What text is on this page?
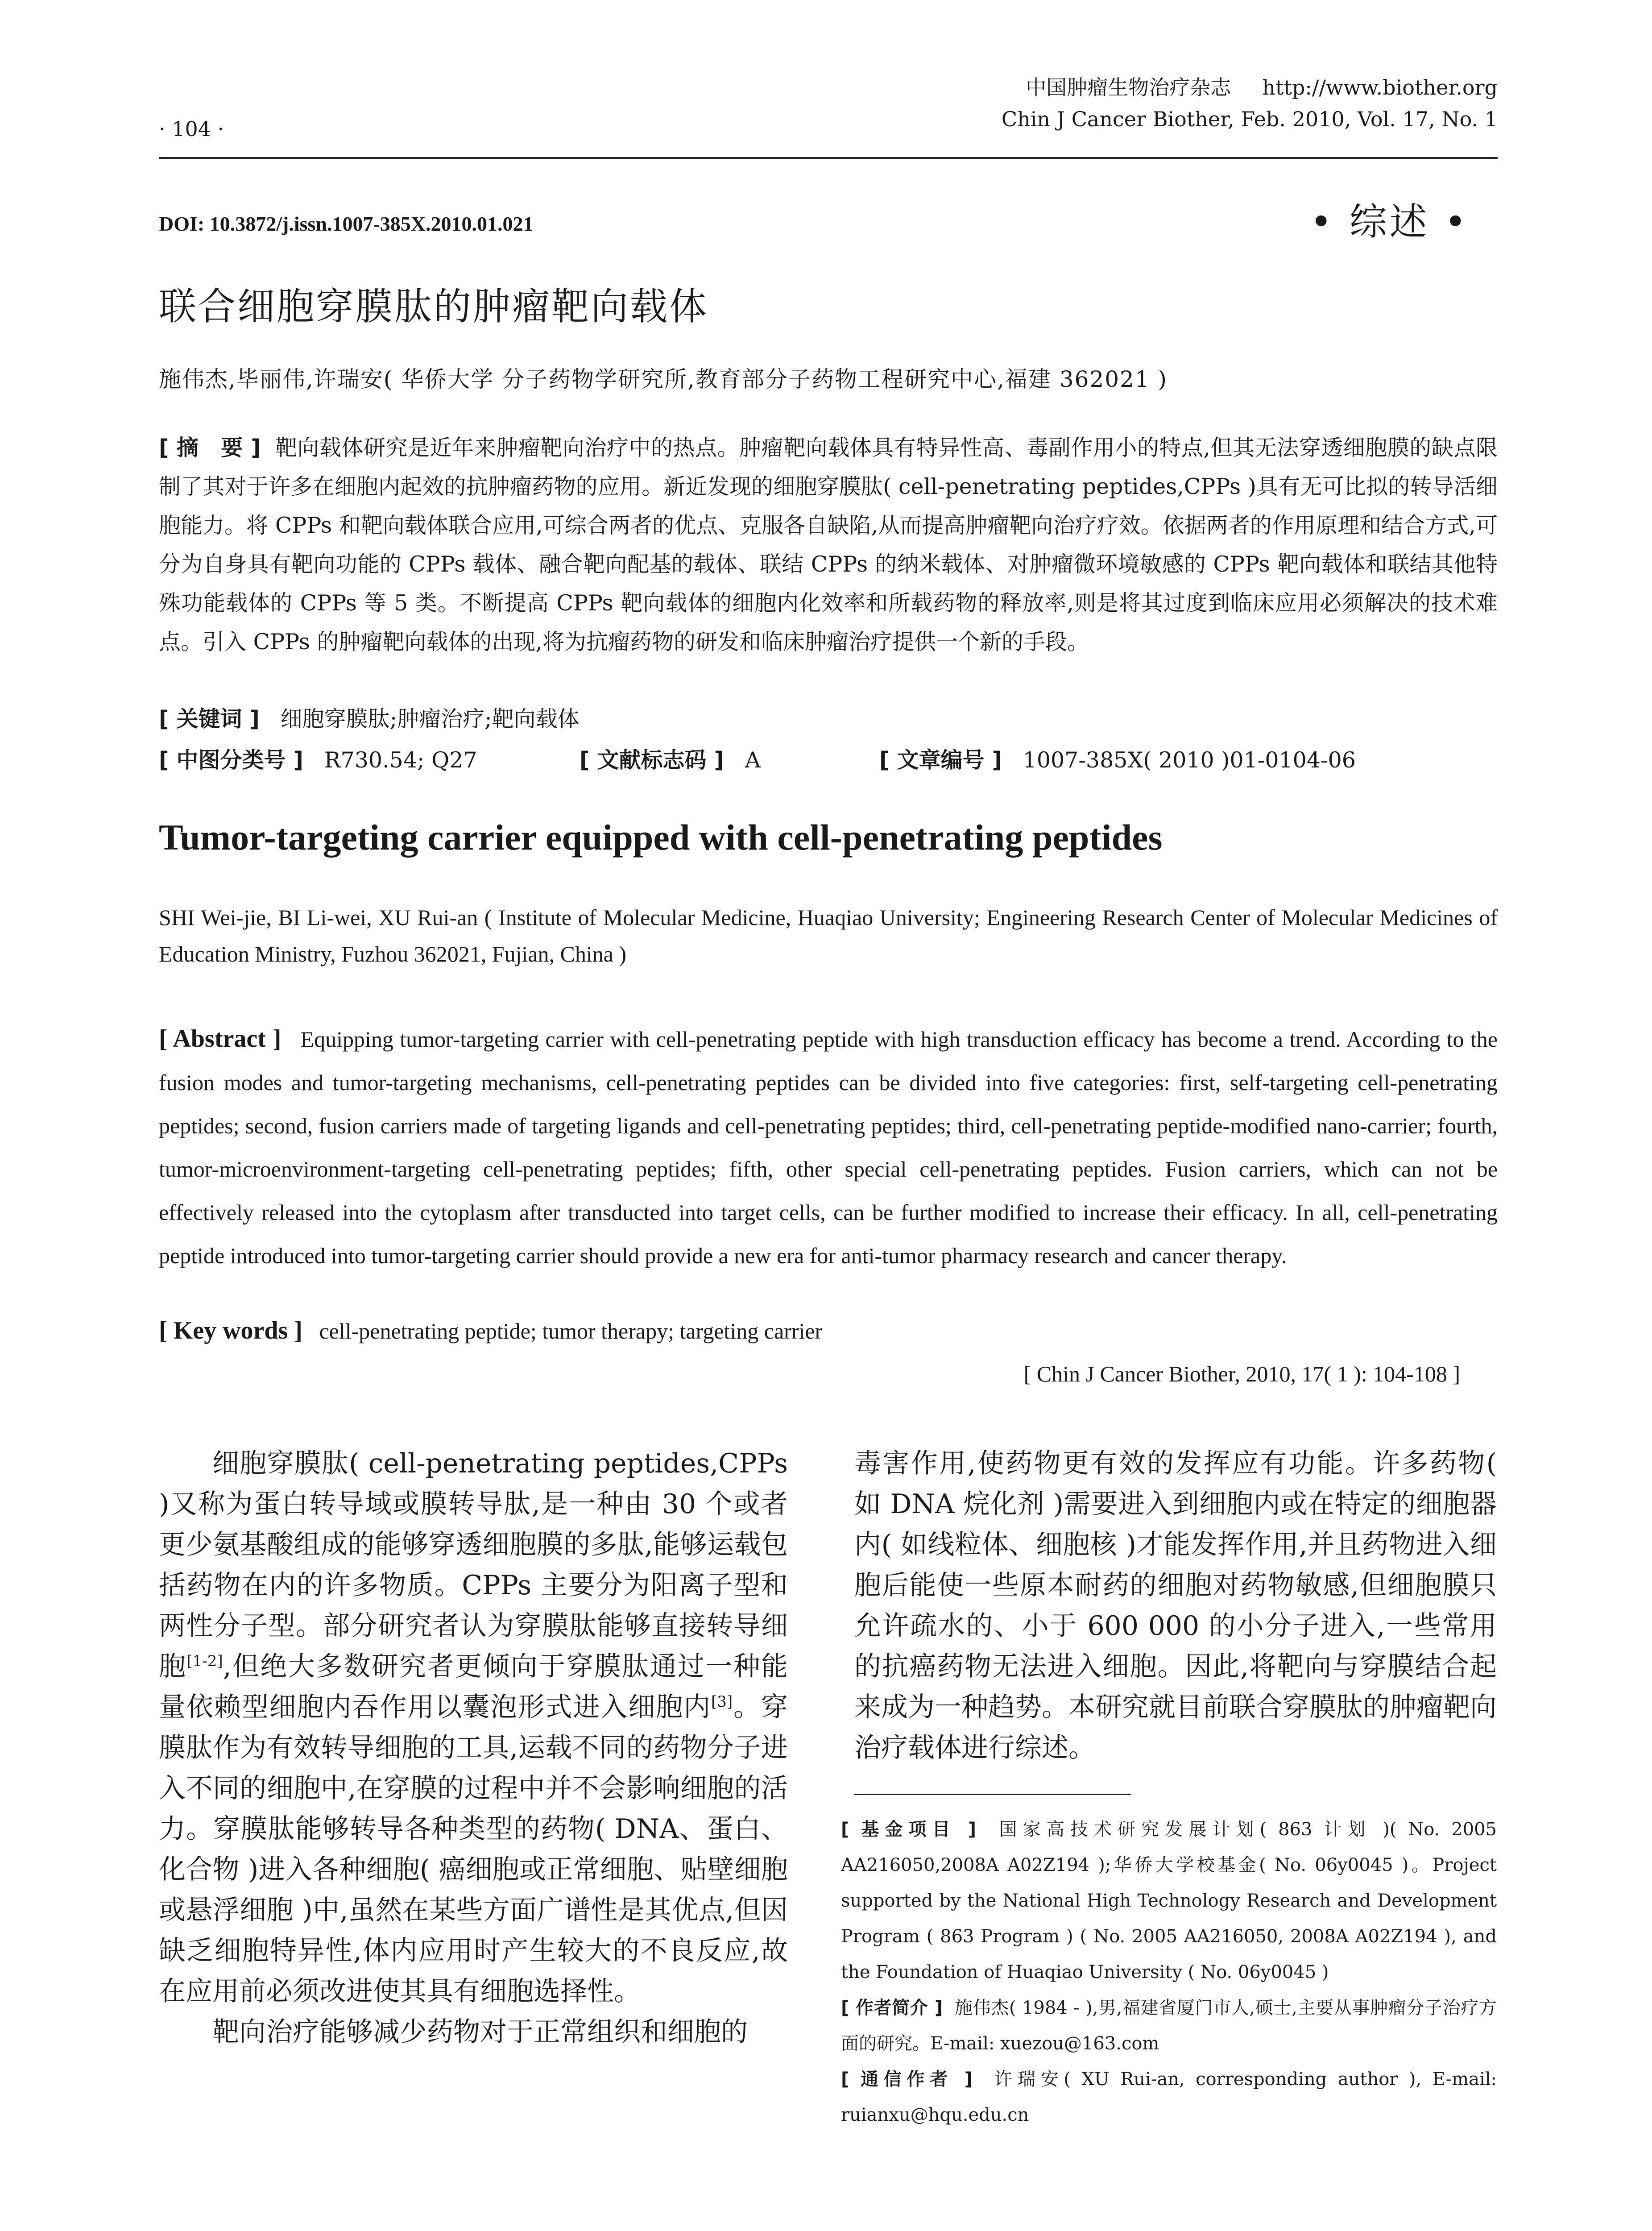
中国肿瘤生物治疗杂志 http://www.biother.org
Chin J Cancer Biother, Feb. 2010, Vol. 17, No. 1
· 104 ·
DOI: 10.3872/j.issn.1007-385X.2010.01.021	• 综述 •
联合细胞穿膜肽的肿瘤靶向载体
施伟杰,毕丽伟,许瑞安( 华侨大学 分子药物学研究所,教育部分子药物工程研究中心,福建 362021 )
[ 摘　要 ] 靶向载体研究是近年来肿瘤靶向治疗中的热点。肿瘤靶向载体具有特异性高、毒副作用小的特点,但其无法穿透细胞膜的缺点限制了其对于许多在细胞内起效的抗肿瘤药物的应用。新近发现的细胞穿膜肽( cell-penetrating peptides,CPPs )具有无可比拟的转导活细胞能力。将 CPPs 和靶向载体联合应用,可综合两者的优点、克服各自缺陷,从而提高肿瘤靶向治疗疗效。依据两者的作用原理和结合方式,可分为自身具有靶向功能的 CPPs 载体、融合靶向配基的载体、联结 CPPs 的纳米载体、对肿瘤微环境敏感的 CPPs 靶向载体和联结其他特殊功能载体的 CPPs 等 5 类。不断提高 CPPs 靶向载体的细胞内化效率和所载药物的释放率,则是将其过度到临床应用必须解决的技术难点。引入 CPPs 的肿瘤靶向载体的出现,将为抗瘤药物的研发和临床肿瘤治疗提供一个新的手段。
[ 关键词 ] 细胞穿膜肽;肿瘤治疗;靶向载体
[ 中图分类号 ] R730.54; Q27	[ 文献标志码 ] A	[ 文章编号 ] 1007-385X( 2010 )01-0104-06
Tumor-targeting carrier equipped with cell-penetrating peptides
SHI Wei-jie, BI Li-wei, XU Rui-an ( Institute of Molecular Medicine, Huaqiao University; Engineering Research Center of Molecular Medicines of Education Ministry, Fuzhou 362021, Fujian, China )
[ Abstract ] Equipping tumor-targeting carrier with cell-penetrating peptide with high transduction efficacy has become a trend. According to the fusion modes and tumor-targeting mechanisms, cell-penetrating peptides can be divided into five categories: first, self-targeting cell-penetrating peptides; second, fusion carriers made of targeting ligands and cell-penetrating peptides; third, cell-penetrating peptide-modified nano-carrier; fourth, tumor-microenvironment-targeting cell-penetrating peptides; fifth, other special cell-penetrating peptides. Fusion carriers, which can not be effectively released into the cytoplasm after transducted into target cells, can be further modified to increase their efficacy. In all, cell-penetrating peptide introduced into tumor-targeting carrier should provide a new era for anti-tumor pharmacy research and cancer therapy.
[ Key words ] cell-penetrating peptide; tumor therapy; targeting carrier
[ Chin J Cancer Biother, 2010, 17( 1 ): 104-108 ]

细胞穿膜肽( cell-penetrating peptides,CPPs )又称为蛋白转导域或膜转导肽,是一种由 30 个或者更少氨基酸组成的能够穿透细胞膜的多肽,能够运载包括药物在内的许多物质。CPPs 主要分为阳离子型和两性分子型。部分研究者认为穿膜肽能够直接转导细胞[1-2],但绝大多数研究者更倾向于穿膜肽通过一种能量依赖型细胞内吞作用以囊泡形式进入细胞内[3]。穿膜肽作为有效转导细胞的工具,运载不同的药物分子进入不同的细胞中,在穿膜的过程中并不会影响细胞的活力。穿膜肽能够转导各种类型的药物( DNA、蛋白、化合物 )进入各种细胞( 癌细胞或正常细胞、贴壁细胞或悬浮细胞 )中,虽然在某些方面广谱性是其优点,但因缺乏细胞特异性,体内应用时产生较大的不良反应,故在应用前必须改进使其具有细胞选择性。

靶向治疗能够减少药物对于正常组织和细胞的

毒害作用,使药物更有效的发挥应有功能。许多药物( 如 DNA 烷化剂 )需要进入到细胞内或在特定的细胞器内( 如线粒体、细胞核 )才能发挥作用,并且药物进入细胞后能使一些原本耐药的细胞对药物敏感,但细胞膜只允许疏水的、小于 600 000 的小分子进入,一些常用的抗癌药物无法进入细胞。因此,将靶向与穿膜结合起来成为一种趋势。本研究就目前联合穿膜肽的肿瘤靶向治疗载体进行综述。

[ 基金项目 ] 国家高技术研究发展计划( 863 计划 )( No. 2005 AA216050,2008A A02Z194 );华侨大学校基金( No. 06y0045 )。Project supported by the National High Technology Research and Development Program ( 863 Program ) ( No. 2005 AA216050, 2008A A02Z194 ), and the Foundation of Huaqiao University ( No. 06y0045 )

[ 作者简介 ] 施伟杰( 1984 - ),男,福建省厦门市人,硕士,主要从事肿瘤分子治疗方面的研究。E-mail: xuezou@163.com

[ 通信作者 ] 许瑞安( XU Rui-an, corresponding author ), E-mail: ruianxu@hqu.edu.cn
